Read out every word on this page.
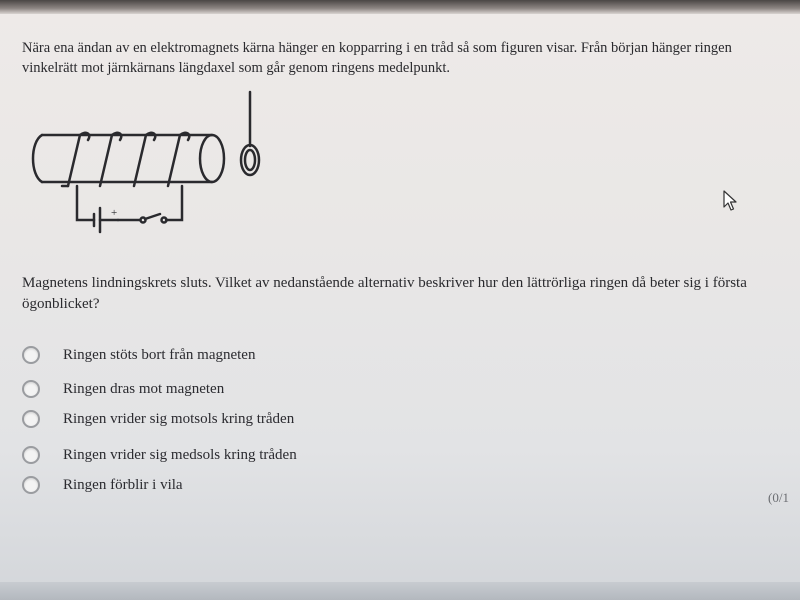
Nära ena ändan av en elektromagnets kärna hänger en kopparring i en tråd så som figuren visar. Från början hänger ringen vinkelrätt mot järnkärnans längdaxel som går genom ringens medelpunkt.

+

Magnetens lindningskrets sluts. Vilket av nedanstående alternativ beskriver hur den lättrörliga ringen då beter sig i första ögonblicket?

Ringen stöts bort från magneten
Ringen dras mot magneten
Ringen vrider sig motsols kring tråden
Ringen vrider sig medsols kring tråden
Ringen förblir i vila
(0/1
